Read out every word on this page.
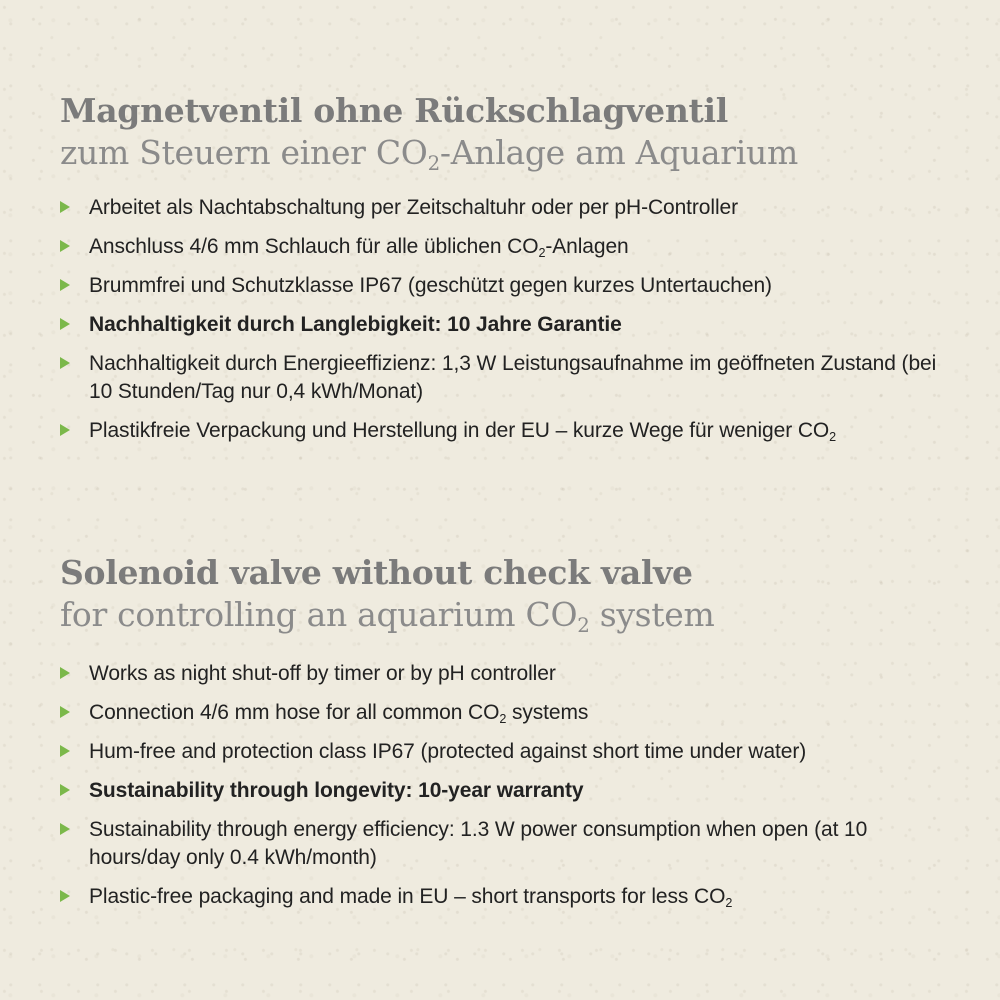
Magnetventil ohne Rückschlagventil
zum Steuern einer $CO_2$-Anlage am Aquarium
Arbeitet als Nachtabschaltung per Zeitschaltuhr oder per pH-Controller
Anschluss 4/6 mm Schlauch für alle üblichen $CO_2$-Anlagen
Brummfrei und Schutzklasse IP67 (geschützt gegen kurzes Untertauchen)
Nachhaltigkeit durch Langlebigkeit: 10 Jahre Garantie
Nachhaltigkeit durch Energieeffizienz: 1,3 W Leistungsaufnahme im geöffneten Zustand (bei 10 Stunden/Tag nur 0,4 kWh/Monat)
Plastikfreie Verpackung und Herstellung in der EU – kurze Wege für weniger $CO_2$
Solenoid valve without check valve
for controlling an aquarium $CO_2$ system
Works as night shut-off by timer or by pH controller
Connection 4/6 mm hose for all common $CO_2$ systems
Hum-free and protection class IP67 (protected against short time under water)
Sustainability through longevity: 10-year warranty
Sustainability through energy efficiency: 1.3 W power consumption when open (at 10 hours/day only 0.4 kWh/month)
Plastic-free packaging and made in EU – short transports for less $CO_2$
